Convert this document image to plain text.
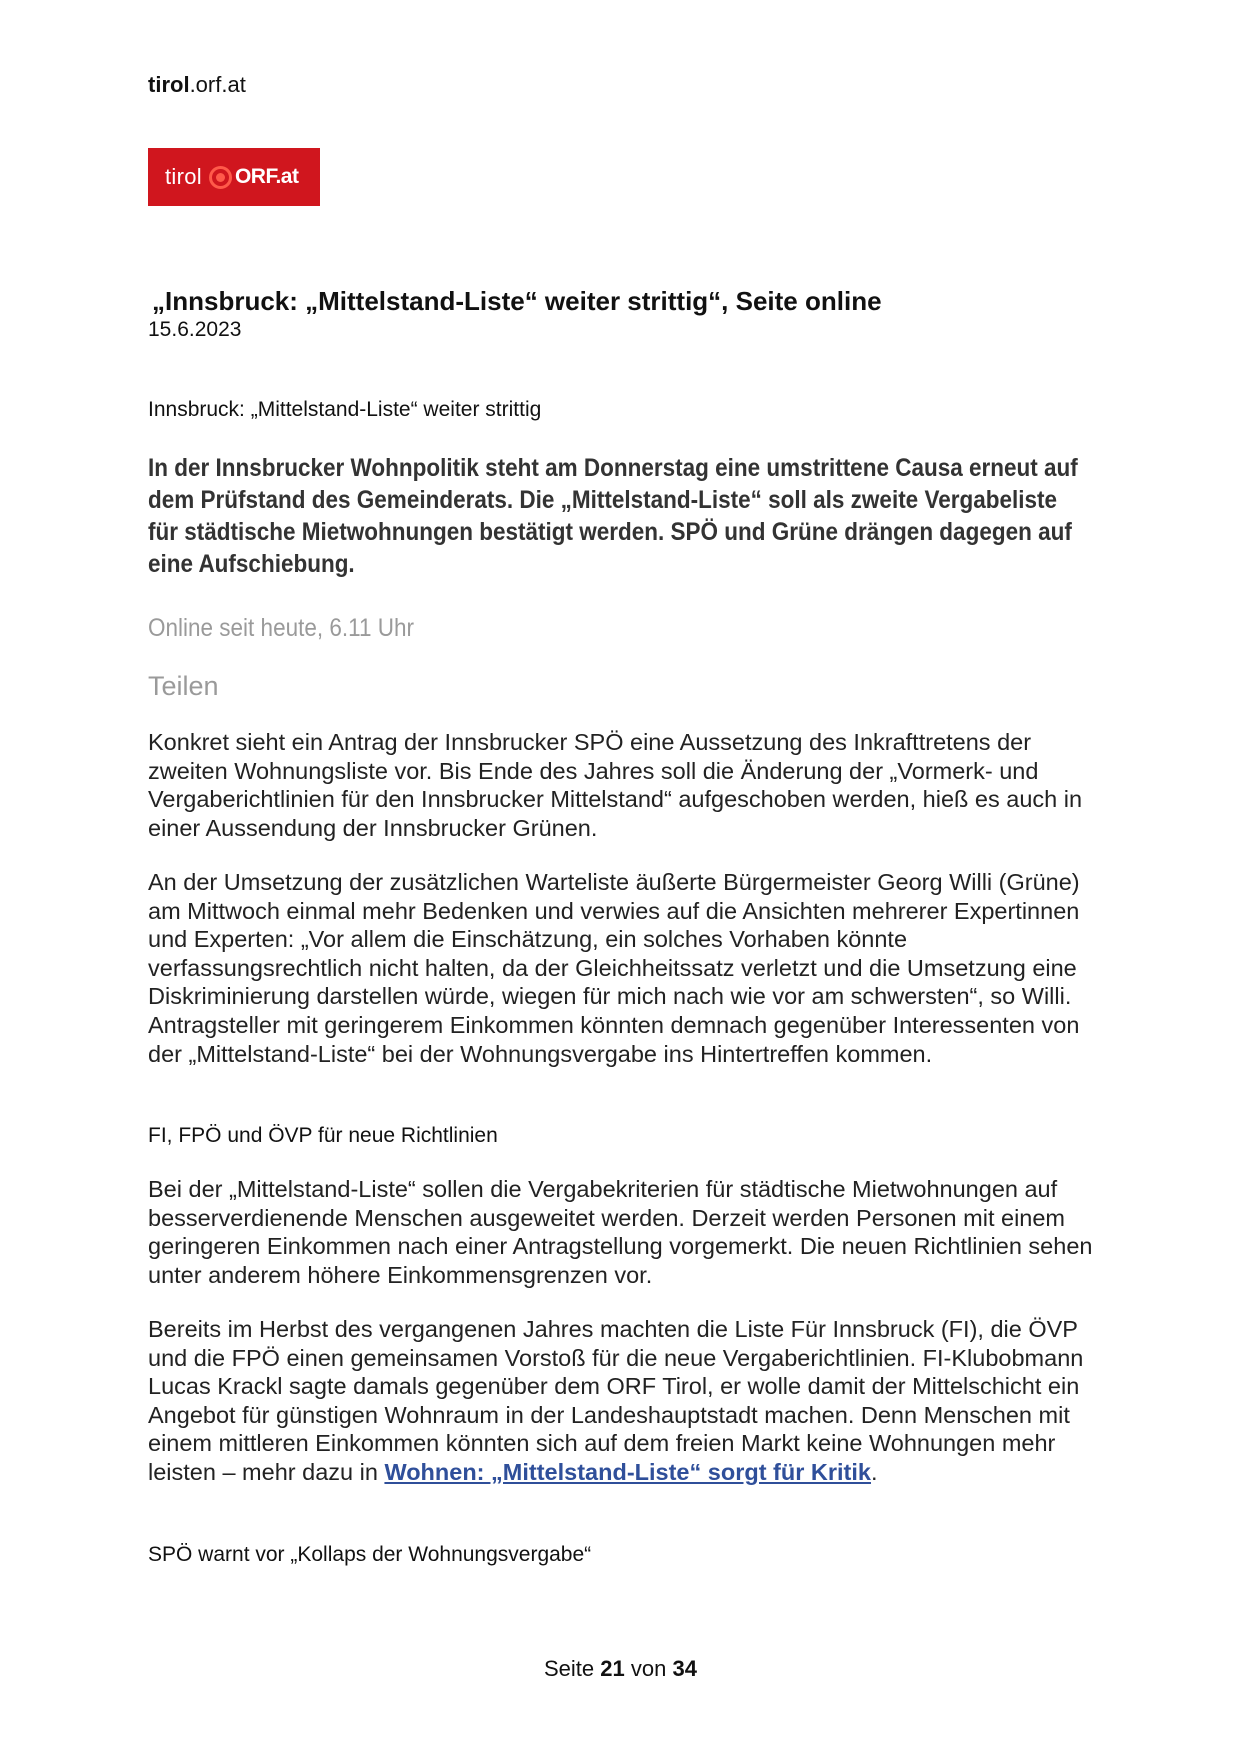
tirol.orf.at
tirol ORF.at
„Innsbruck: „Mittelstand-Liste“ weiter strittig“, Seite online
15.6.2023
Innsbruck: „Mittelstand-Liste“ weiter strittig
In der Innsbrucker Wohnpolitik steht am Donnerstag eine umstrittene Causa erneut auf dem Prüfstand des Gemeinderats. Die „Mittelstand-Liste“ soll als zweite Vergabeliste für städtische Mietwohnungen bestätigt werden. SPÖ und Grüne drängen dagegen auf eine Aufschiebung.
Online seit heute, 6.11 Uhr
Teilen
Konkret sieht ein Antrag der Innsbrucker SPÖ eine Aussetzung des Inkrafttretens der zweiten Wohnungsliste vor. Bis Ende des Jahres soll die Änderung der „Vormerk- und Vergaberichtlinien für den Innsbrucker Mittelstand“ aufgeschoben werden, hieß es auch in einer Aussendung der Innsbrucker Grünen.
An der Umsetzung der zusätzlichen Warteliste äußerte Bürgermeister Georg Willi (Grüne) am Mittwoch einmal mehr Bedenken und verwies auf die Ansichten mehrerer Expertinnen und Experten: „Vor allem die Einschätzung, ein solches Vorhaben könnte verfassungsrechtlich nicht halten, da der Gleichheitssatz verletzt und die Umsetzung eine Diskriminierung darstellen würde, wiegen für mich nach wie vor am schwersten“, so Willi. Antragsteller mit geringerem Einkommen könnten demnach gegenüber Interessenten von der „Mittelstand-Liste“ bei der Wohnungsvergabe ins Hintertreffen kommen.
FI, FPÖ und ÖVP für neue Richtlinien
Bei der „Mittelstand-Liste“ sollen die Vergabekriterien für städtische Mietwohnungen auf besserverdienende Menschen ausgeweitet werden. Derzeit werden Personen mit einem geringeren Einkommen nach einer Antragstellung vorgemerkt. Die neuen Richtlinien sehen unter anderem höhere Einkommensgrenzen vor.
Bereits im Herbst des vergangenen Jahres machten die Liste Für Innsbruck (FI), die ÖVP und die FPÖ einen gemeinsamen Vorstoß für die neue Vergaberichtlinien. FI-Klubobmann Lucas Krackl sagte damals gegenüber dem ORF Tirol, er wolle damit der Mittelschicht ein Angebot für günstigen Wohnraum in der Landeshauptstadt machen. Denn Menschen mit einem mittleren Einkommen könnten sich auf dem freien Markt keine Wohnungen mehr leisten – mehr dazu in Wohnen: „Mittelstand-Liste“ sorgt für Kritik.
SPÖ warnt vor „Kollaps der Wohnungsvergabe“
Seite 21 von 34
